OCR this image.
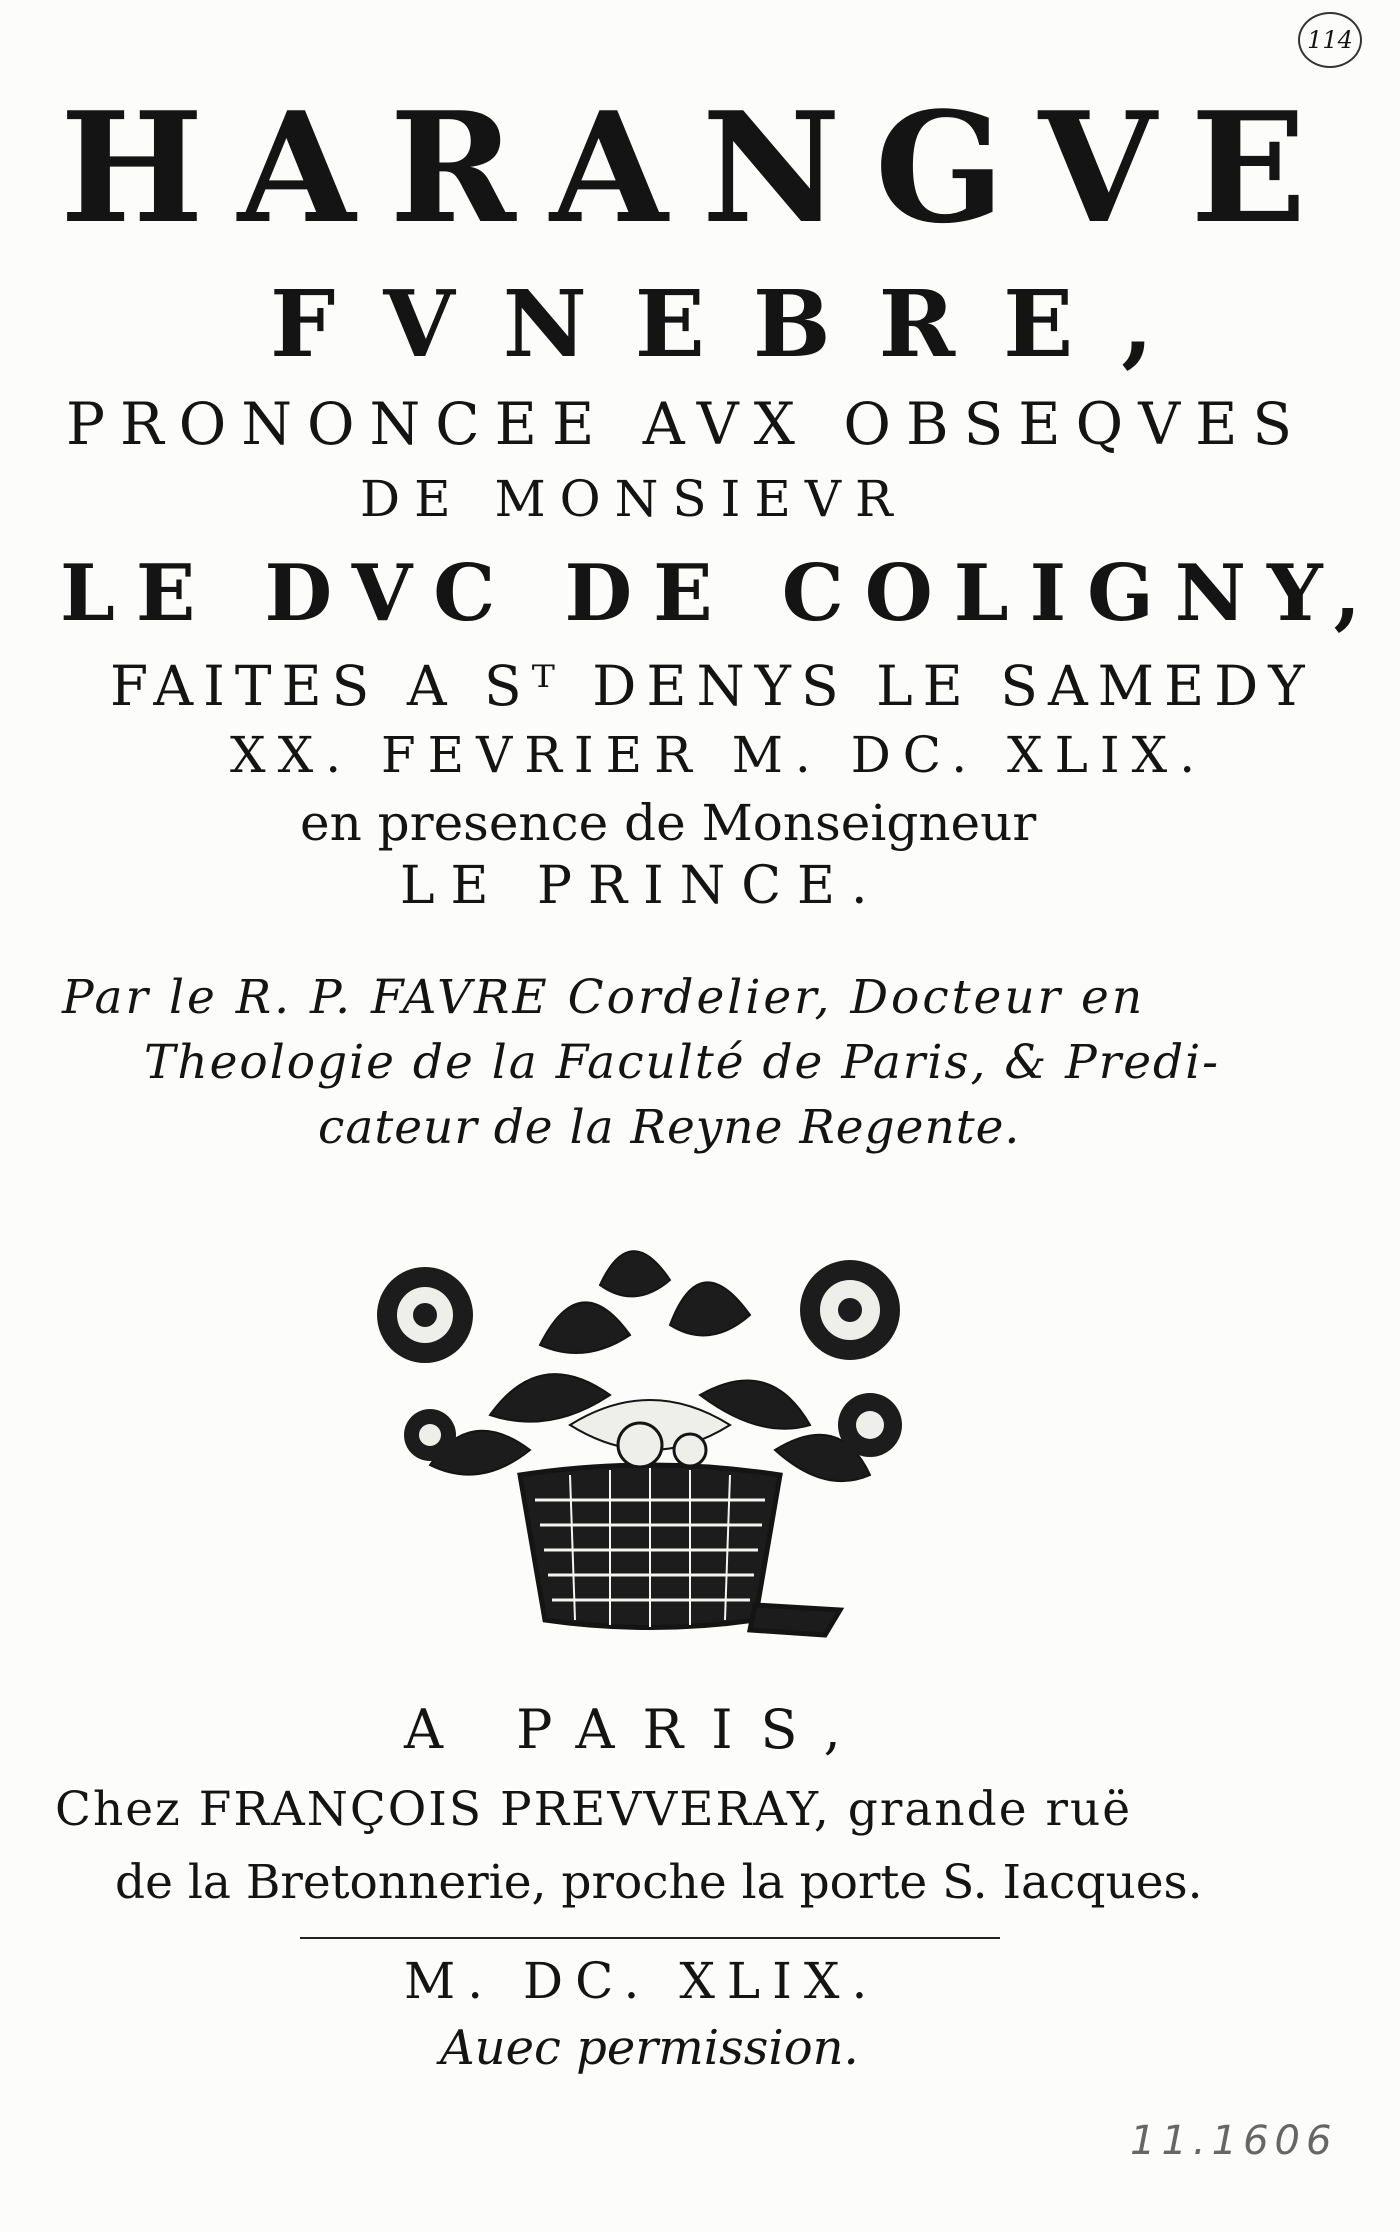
114
HARANGVE
FVNEBRE,
PRONONCEE AVX OBSEQVES
DE MONSIEVR
LE DVC DE COLIGNY,
FAITES A Sᵀ DENYS LE SAMEDY
XX. FEVRIER M. DC. XLIX.
en presence de Monseigneur
LE PRINCE.
Par le R. P. FAVRE Cordelier, Docteur en
Theologie de la Faculté de Paris, & Predi-
cateur de la Reyne Regente.
A PARIS,
Chez FRANÇOIS PREVVERAY, grande ruë
de la Bretonnerie, proche la porte S. Iacques.
M. DC. XLIX.
Auec permission.
11.1606
